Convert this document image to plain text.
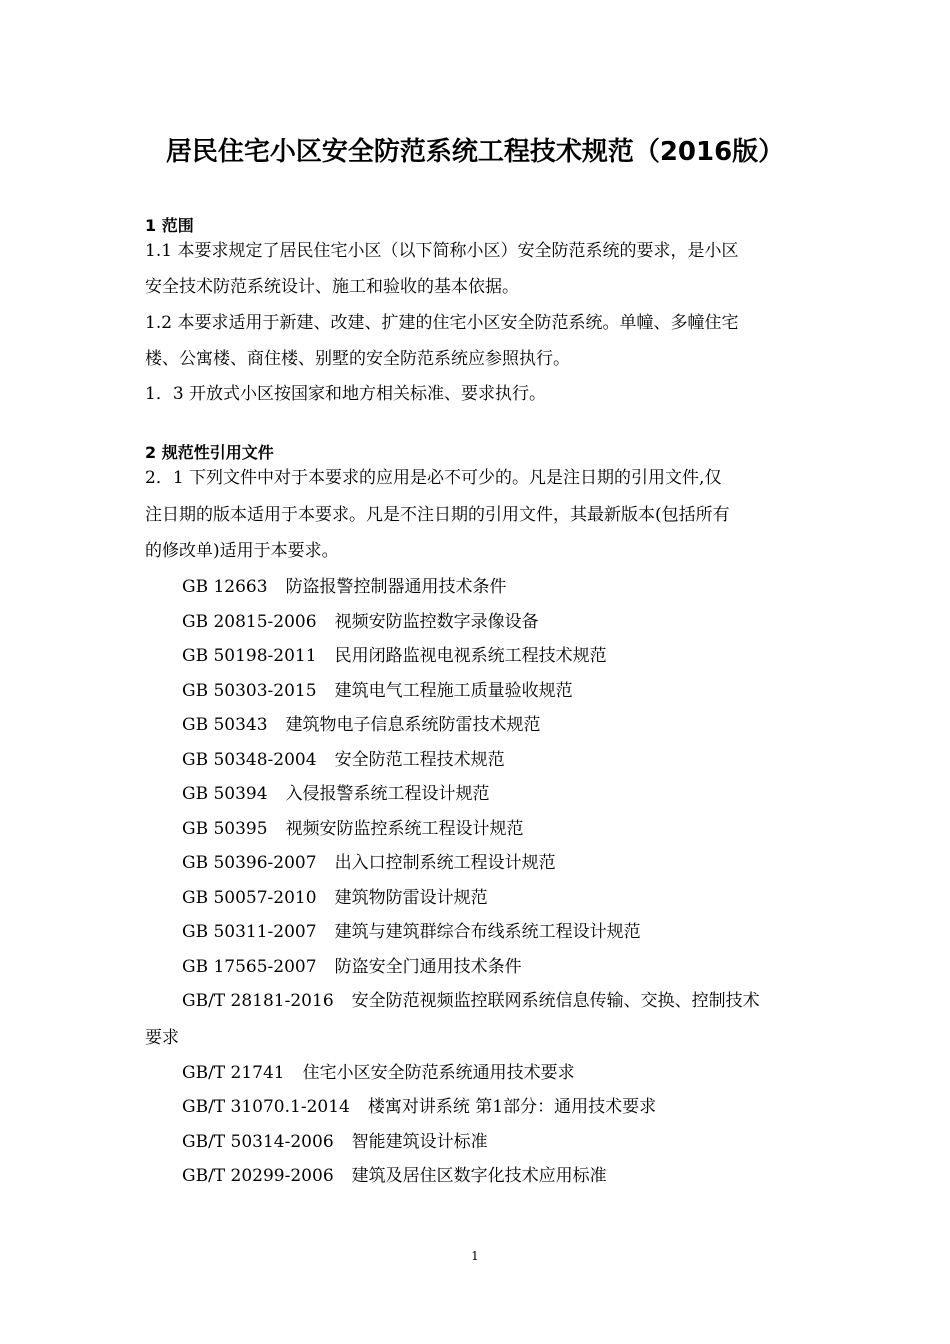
居民住宅小区安全防范系统工程技术规范（2016版）
1 范围
1.1 本要求规定了居民住宅小区（以下简称小区）安全防范系统的要求，是小区
安全技术防范系统设计、施工和验收的基本依据。
1.2 本要求适用于新建、改建、扩建的住宅小区安全防范系统。单幢、多幢住宅
楼、公寓楼、商住楼、别墅的安全防范系统应参照执行。
1．3 开放式小区按国家和地方相关标准、要求执行。
2 规范性引用文件
2．1 下列文件中对于本要求的应用是必不可少的。凡是注日期的引用文件,仅
注日期的版本适用于本要求。凡是不注日期的引用文件，其最新版本(包括所有
的修改单)适用于本要求。
GB 12663 防盗报警控制器通用技术条件
GB 20815-2006 视频安防监控数字录像设备
GB 50198-2011 民用闭路监视电视系统工程技术规范
GB 50303-2015 建筑电气工程施工质量验收规范
GB 50343 建筑物电子信息系统防雷技术规范
GB 50348-2004 安全防范工程技术规范
GB 50394 入侵报警系统工程设计规范
GB 50395 视频安防监控系统工程设计规范
GB 50396-2007 出入口控制系统工程设计规范
GB 50057-2010 建筑物防雷设计规范
GB 50311-2007 建筑与建筑群综合布线系统工程设计规范
GB 17565-2007 防盗安全门通用技术条件
GB/T 28181-2016 安全防范视频监控联网系统信息传输、交换、控制技术
要求
GB/T 21741 住宅小区安全防范系统通用技术要求
GB/T 31070.1-2014 楼寓对讲系统 第1部分：通用技术要求
GB/T 50314-2006 智能建筑设计标准
GB/T 20299-2006 建筑及居住区数字化技术应用标准
1
